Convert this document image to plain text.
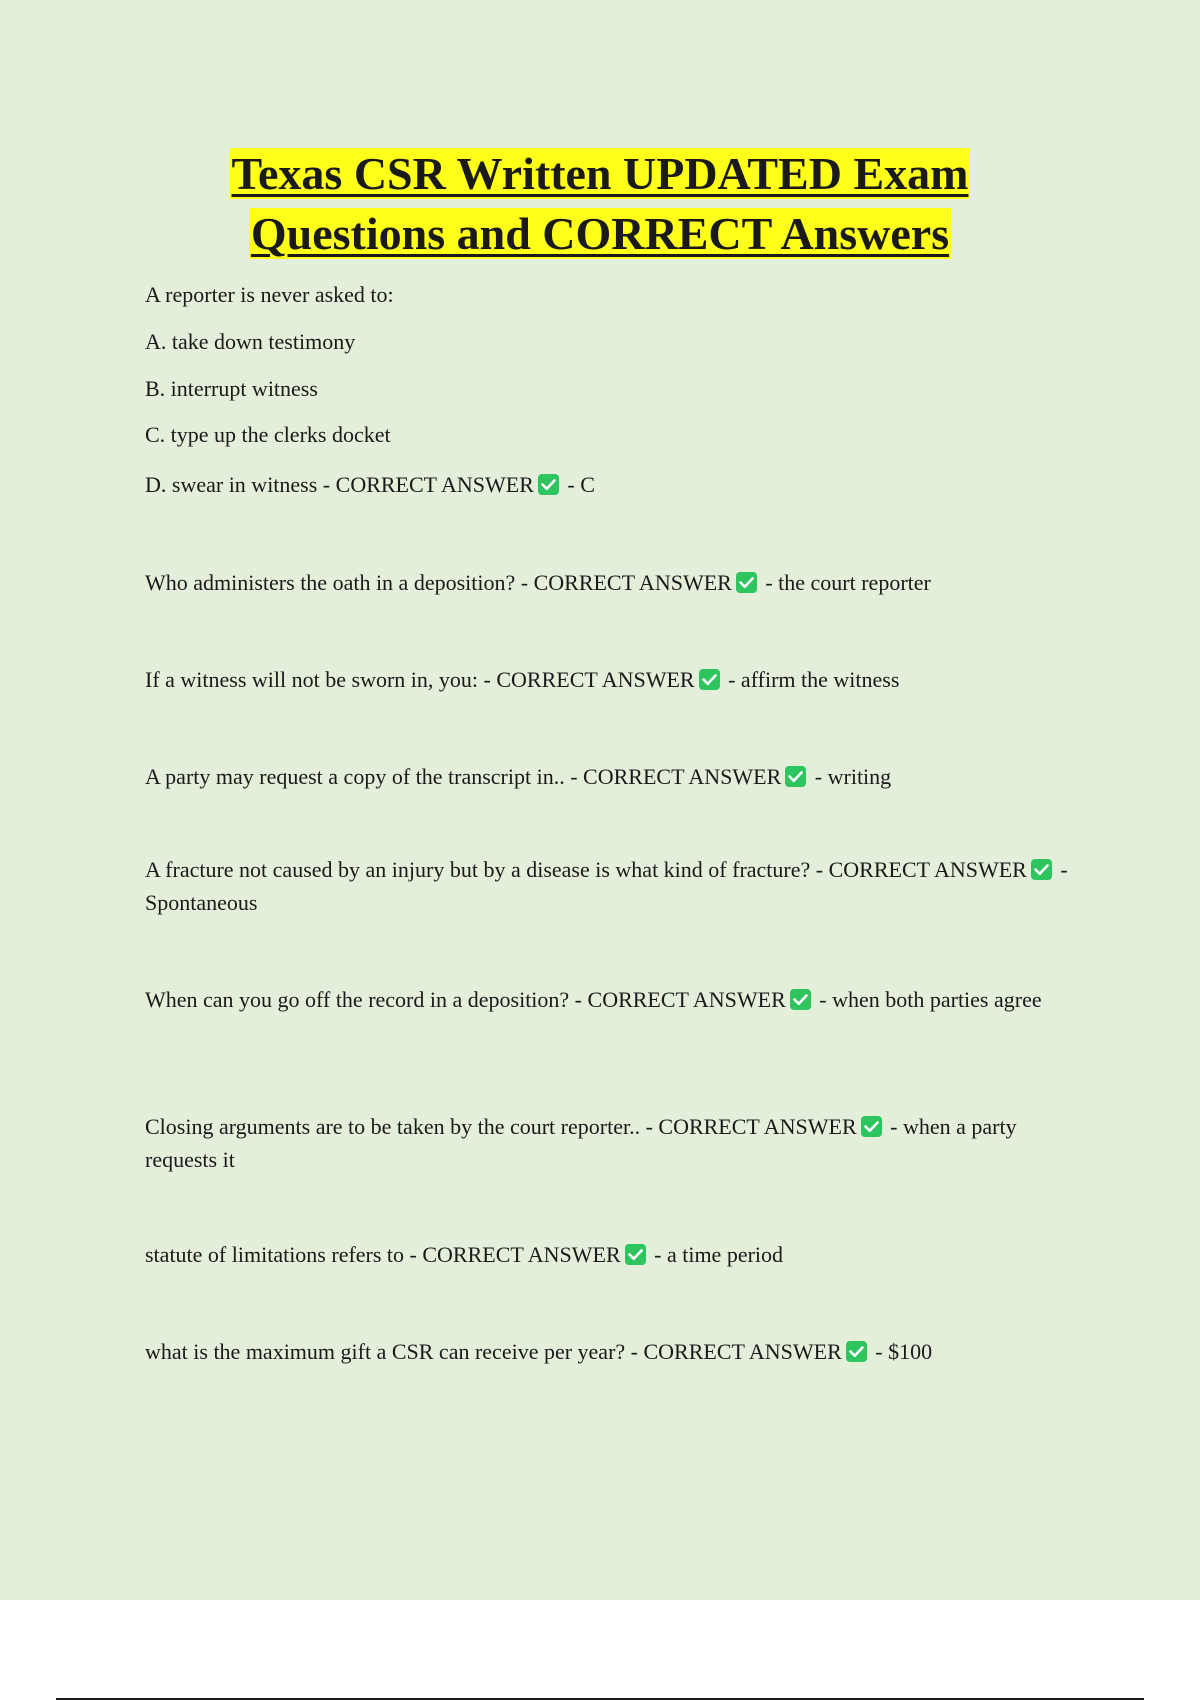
Texas CSR Written UPDATED Exam
Questions and CORRECT Answers
A reporter is never asked to:
A. take down testimony
B. interrupt witness
C. type up the clerks docket
D. swear in witness - CORRECT ANSWER
- C
Who administers the oath in a deposition? - CORRECT ANSWER
- the court reporter
If a witness will not be sworn in, you: - CORRECT ANSWER
- affirm the witness
A party may request a copy of the transcript in.. - CORRECT ANSWER
- writing
A fracture not caused by an injury but by a disease is what kind of fracture? - CORRECT ANSWER
- Spontaneous
When can you go off the record in a deposition? - CORRECT ANSWER
- when both parties agree
Closing arguments are to be taken by the court reporter.. - CORRECT ANSWER
- when a party requests it
statute of limitations refers to - CORRECT ANSWER
- a time period
what is the maximum gift a CSR can receive per year? - CORRECT ANSWER
- $100
